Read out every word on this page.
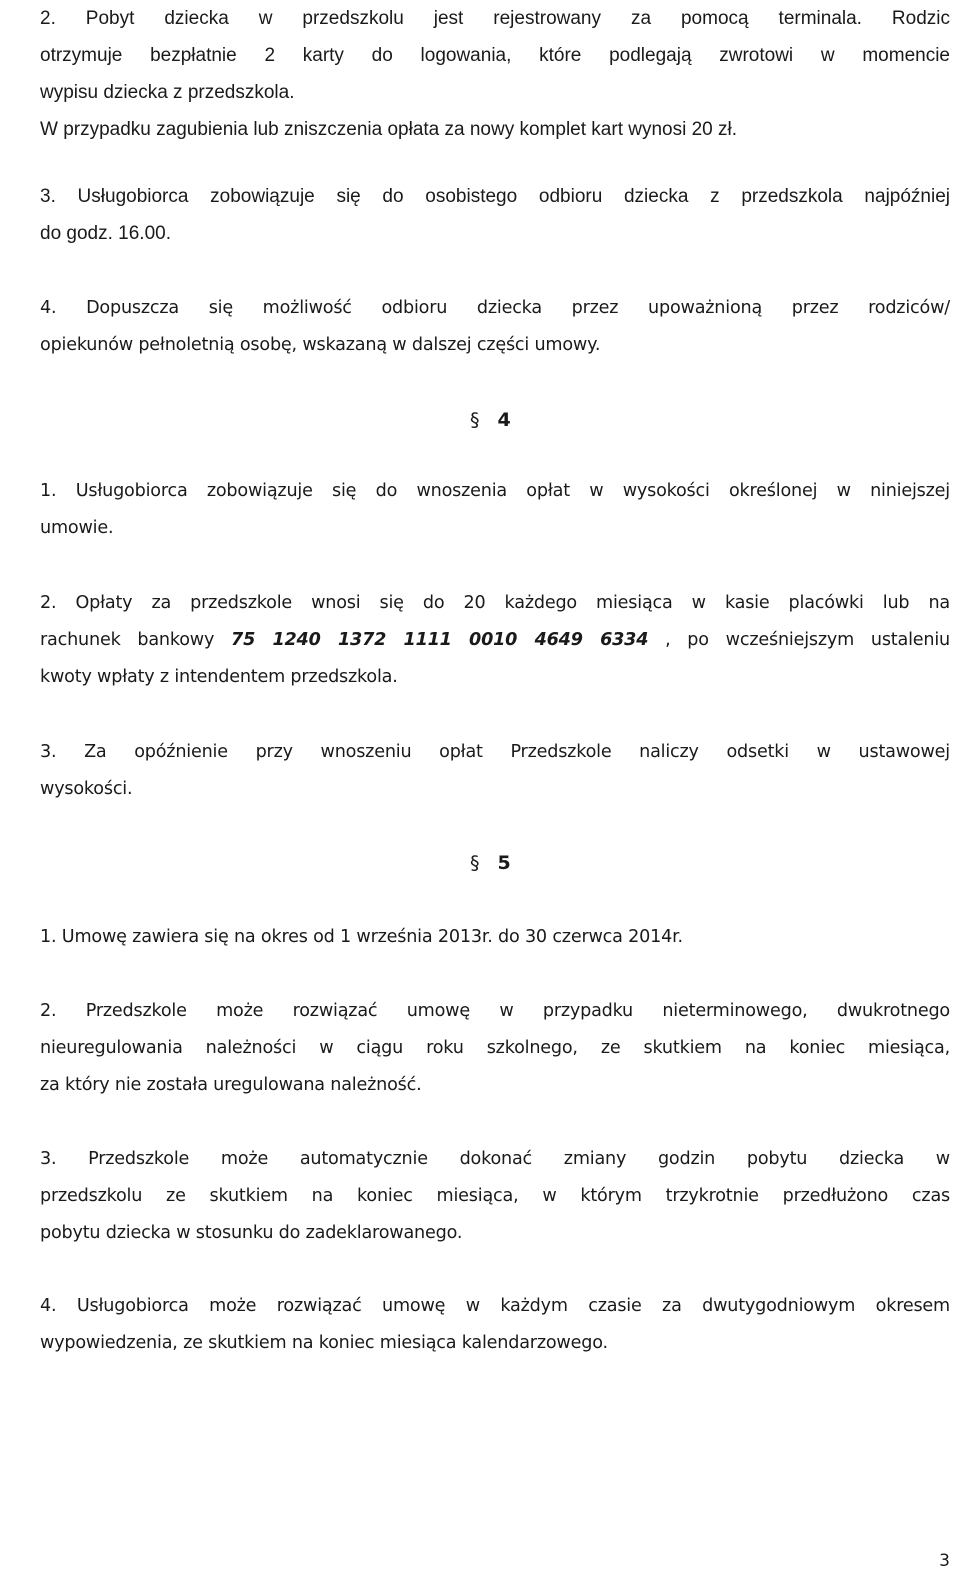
2. Pobyt dziecka w przedszkolu jest rejestrowany za pomocą terminala. Rodzic
otrzymuje bezpłatnie 2 karty do logowania, które podlegają zwrotowi w momencie
wypisu dziecka z przedszkola.
W przypadku zagubienia lub zniszczenia opłata za nowy komplet kart wynosi 20 zł.
3. Usługobiorca zobowiązuje się do osobistego odbioru dziecka z przedszkola najpóźniej
do godz. 16.00.
4. Dopuszcza się możliwość odbioru dziecka przez upoważnioną przez rodziców/
opiekunów pełnoletnią osobę, wskazaną w dalszej części umowy.
§ 4
1. Usługobiorca zobowiązuje się do wnoszenia opłat w wysokości określonej w niniejszej
umowie.
2. Opłaty za przedszkole wnosi się do 20 każdego miesiąca w kasie placówki lub na
rachunek bankowy 75 1240 1372 1111 0010 4649 6334 , po wcześniejszym ustaleniu
kwoty wpłaty z intendentem przedszkola.
3. Za opóźnienie przy wnoszeniu opłat Przedszkole naliczy odsetki w ustawowej
wysokości.
§ 5
1. Umowę zawiera się na okres od 1 września 2013r. do 30 czerwca 2014r.
2. Przedszkole może rozwiązać umowę w przypadku nieterminowego, dwukrotnego
nieuregulowania należności w ciągu roku szkolnego, ze skutkiem na koniec miesiąca,
za który nie została uregulowana należność.
3. Przedszkole może automatycznie dokonać zmiany godzin pobytu dziecka w
przedszkolu ze skutkiem na koniec miesiąca, w którym trzykrotnie przedłużono czas
pobytu dziecka w stosunku do zadeklarowanego.
4. Usługobiorca może rozwiązać umowę w każdym czasie za dwutygodniowym okresem
wypowiedzenia, ze skutkiem na koniec miesiąca kalendarzowego.
3
